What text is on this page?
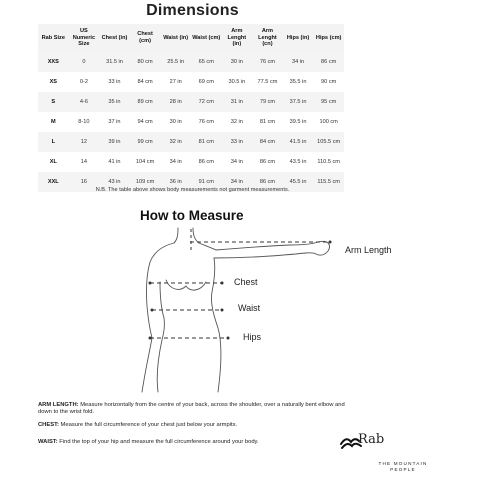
Dimensions
Rab Size	US Numeric Size	Chest (in)	Chest (cm)	Waist (in)	Waist (cm)	Arm Lenght (in)	Arm Lenght (cn)	Hips (in)	Hips (cm)
XXS	0	31.5 in	80 cm	25.5 in	65 cm	30 in	76 cm	34 in	86 cm
XS	0-2	33 in	84 cm	27 in	69 cm	30.5 in	77.5 cm	35.5 in	90 cm
S	4-6	35 in	89 cm	28 in	72 cm	31 in	79 cm	37.5 in	95 cm
M	8-10	37 in	94 cm	30 in	76 cm	32 in	81 cm	39.5 in	100 cm
L	12	39 in	99 cm	32 in	81 cm	33 in	84 cm	41.5 in	105.5 cm
XL	14	41 in	104 cm	34 in	86 cm	34 in	86 cm	43.5 in	110.5 cm
XXL	16	43 in	109 cm	36 in	91 cm	34 in	86 cm	45.5 in	115.5 cm
N.B. The table above shows body measurements not garment measurements.
How to Measure
Arm Length
Chest
Waist
Hips
ARM LENGTH: Measure horizontally from the centre of your back, across the shoulder, over a naturally bent elbow and down to the wrist fold.
CHEST: Measure the full circumference of your chest just below your armpits.
WAIST: Find the top of your hip and measure the full circumference around your body.	Rab
THE MOUNTAIN
PEOPLE
